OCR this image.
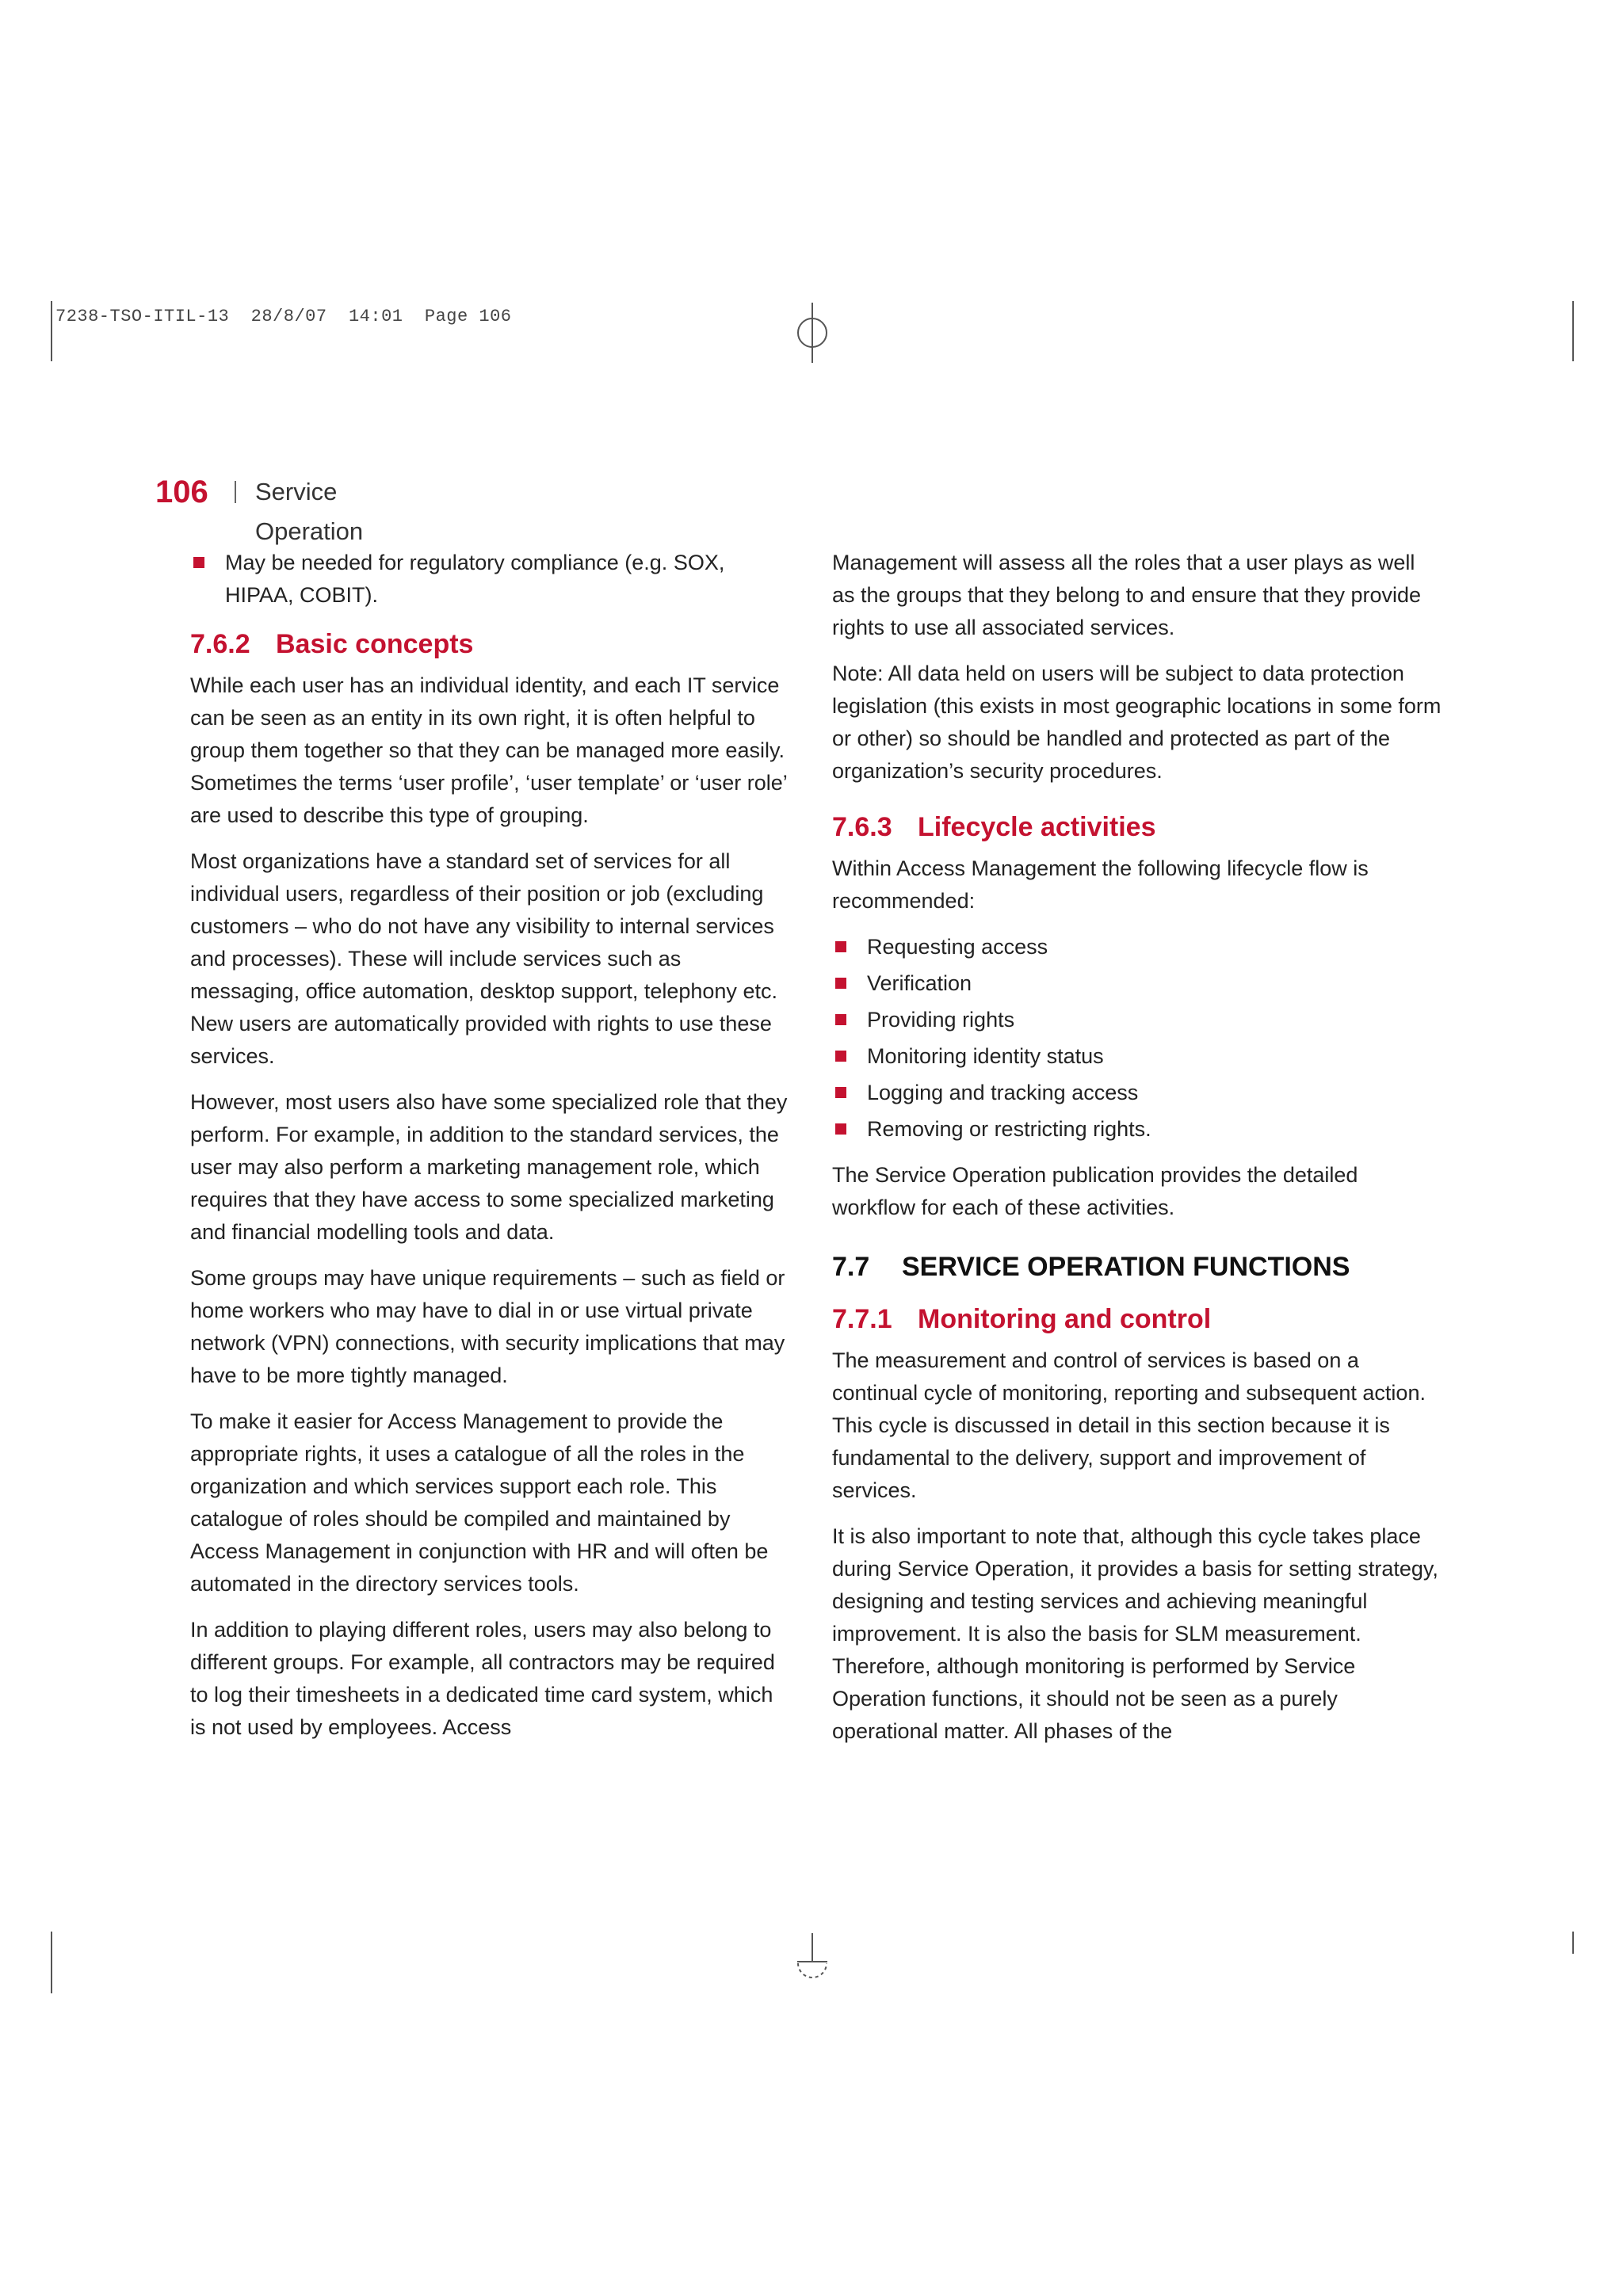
7238-TSO-ITIL-13  28/8/07  14:01  Page 106
106 Service Operation
May be needed for regulatory compliance (e.g. SOX, HIPAA, COBIT).
7.6.2 Basic concepts

While each user has an individual identity, and each IT service can be seen as an entity in its own right, it is often helpful to group them together so that they can be managed more easily. Sometimes the terms ‘user profile’, ‘user template’ or ‘user role’ are used to describe this type of grouping.

Most organizations have a standard set of services for all individual users, regardless of their position or job (excluding customers – who do not have any visibility to internal services and processes). These will include services such as messaging, office automation, desktop support, telephony etc. New users are automatically provided with rights to use these services.

However, most users also have some specialized role that they perform. For example, in addition to the standard services, the user may also perform a marketing management role, which requires that they have access to some specialized marketing and financial modelling tools and data.

Some groups may have unique requirements – such as field or home workers who may have to dial in or use virtual private network (VPN) connections, with security implications that may have to be more tightly managed.

To make it easier for Access Management to provide the appropriate rights, it uses a catalogue of all the roles in the organization and which services support each role. This catalogue of roles should be compiled and maintained by Access Management in conjunction with HR and will often be automated in the directory services tools.

In addition to playing different roles, users may also belong to different groups. For example, all contractors may be required to log their timesheets in a dedicated time card system, which is not used by employees. Access

Management will assess all the roles that a user plays as well as the groups that they belong to and ensure that they provide rights to use all associated services.

Note: All data held on users will be subject to data protection legislation (this exists in most geographic locations in some form or other) so should be handled and protected as part of the organization’s security procedures.

7.6.3 Lifecycle activities

Within Access Management the following lifecycle flow is recommended:

Requesting access
Verification
Providing rights
Monitoring identity status
Logging and tracking access
Removing or restricting rights.

The Service Operation publication provides the detailed workflow for each of these activities.

7.7 SERVICE OPERATION FUNCTIONS
7.7.1 Monitoring and control

The measurement and control of services is based on a continual cycle of monitoring, reporting and subsequent action. This cycle is discussed in detail in this section because it is fundamental to the delivery, support and improvement of services.

It is also important to note that, although this cycle takes place during Service Operation, it provides a basis for setting strategy, designing and testing services and achieving meaningful improvement. It is also the basis for SLM measurement. Therefore, although monitoring is performed by Service Operation functions, it should not be seen as a purely operational matter. All phases of the
